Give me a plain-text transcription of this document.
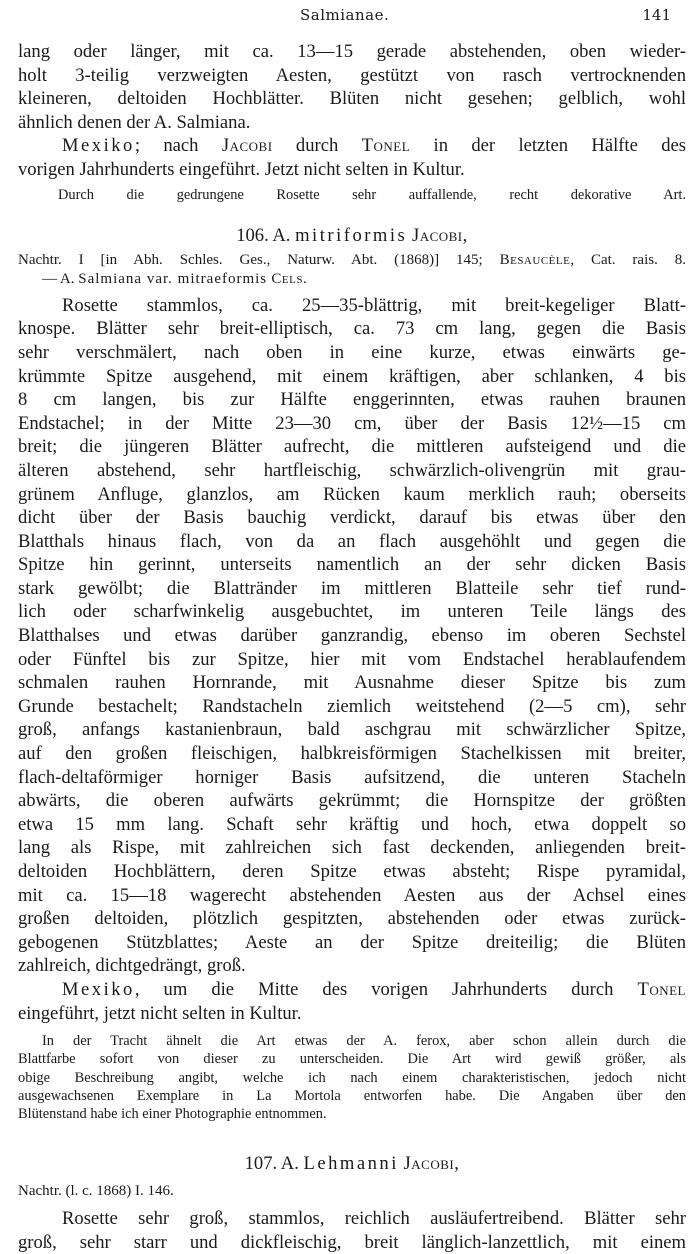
Salmianae.	141

lang oder länger, mit ca. 13—15 gerade abstehenden, oben wieder-

holt 3-teilig verzweigten Aesten, gestützt von rasch vertrocknenden

kleineren, deltoiden Hochblätter. Blüten nicht gesehen; gelblich, wohl

ähnlich denen der A. Salmiana.

Mexiko; nach Jacobi durch Tonel in der letzten Hälfte des

vorigen Jahrhunderts eingeführt. Jetzt nicht selten in Kultur.

Durch die gedrungene Rosette sehr auffallende, recht dekorative Art.

106. A. mitriformis Jacobi,

Nachtr. I [in Abh. Schles. Ges., Naturw. Abt. (1868)] 145; Besaucèle, Cat. rais. 8.

— A. Salmiana var. mitraeformis Cels.

Rosette stammlos, ca. 25—35-blättrig, mit breit-kegeliger Blatt-

knospe. Blätter sehr breit-elliptisch, ca. 73 cm lang, gegen die Basis

sehr verschmälert, nach oben in eine kurze, etwas einwärts ge-

krümmte Spitze ausgehend, mit einem kräftigen, aber schlanken, 4 bis

8 cm langen, bis zur Hälfte enggerinnten, etwas rauhen braunen

Endstachel; in der Mitte 23—30 cm, über der Basis 12½—15 cm

breit; die jüngeren Blätter aufrecht, die mittleren aufsteigend und die

älteren abstehend, sehr hartfleischig, schwärzlich-olivengrün mit grau-

grünem Anfluge, glanzlos, am Rücken kaum merklich rauh; oberseits

dicht über der Basis bauchig verdickt, darauf bis etwas über den

Blatthals hinaus flach, von da an flach ausgehöhlt und gegen die

Spitze hin gerinnt, unterseits namentlich an der sehr dicken Basis

stark gewölbt; die Blattränder im mittleren Blatteile sehr tief rund-

lich oder scharfwinkelig ausgebuchtet, im unteren Teile längs des

Blatthalses und etwas darüber ganzrandig, ebenso im oberen Sechstel

oder Fünftel bis zur Spitze, hier mit vom Endstachel herablaufendem

schmalen rauhen Hornrande, mit Ausnahme dieser Spitze bis zum

Grunde bestachelt; Randstacheln ziemlich weitstehend (2—5 cm), sehr

groß, anfangs kastanienbraun, bald aschgrau mit schwärzlicher Spitze,

auf den großen fleischigen, halbkreisförmigen Stachelkissen mit breiter,

flach-deltaförmiger horniger Basis aufsitzend, die unteren Stacheln

abwärts, die oberen aufwärts gekrümmt; die Hornspitze der größten

etwa 15 mm lang. Schaft sehr kräftig und hoch, etwa doppelt so

lang als Rispe, mit zahlreichen sich fast deckenden, anliegenden breit-

deltoiden Hochblättern, deren Spitze etwas absteht; Rispe pyramidal,

mit ca. 15—18 wagerecht abstehenden Aesten aus der Achsel eines

großen deltoiden, plötzlich gespitzten, abstehenden oder etwas zurück-

gebogenen Stützblattes; Aeste an der Spitze dreiteilig; die Blüten

zahlreich, dichtgedrängt, groß.

Mexiko, um die Mitte des vorigen Jahrhunderts durch Tonel

eingeführt, jetzt nicht selten in Kultur.

In der Tracht ähnelt die Art etwas der A. ferox, aber schon allein durch die

Blattfarbe sofort von dieser zu unterscheiden. Die Art wird gewiß größer, als

obige Beschreibung angibt, welche ich nach einem charakteristischen, jedoch nicht

ausgewachsenen Exemplare in La Mortola entworfen habe. Die Angaben über den

Blütenstand habe ich einer Photographie entnommen.

107. A. Lehmanni Jacobi,

Nachtr. (l. c. 1868) I. 146.

Rosette sehr groß, stammlos, reichlich ausläufertreibend. Blätter sehr

groß, sehr starr und dickfleischig, breit länglich-lanzettlich, mit einem
